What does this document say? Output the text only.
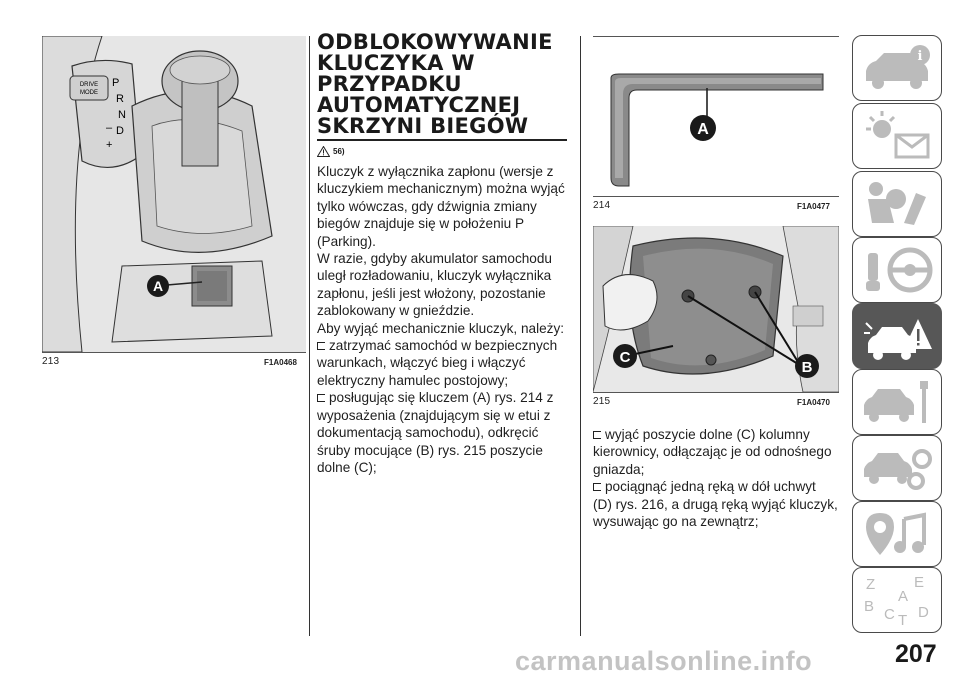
DRIVE
MODE
P
R
N
– D
+
A
213	F1A0468
ODBLOKOWYWANIE
KLUCZYKA W
PRZYPADKU
AUTOMATYCZNEJ
SKRZYNI BIEGÓW
56)

Kluczyk z wyłącznika zapłonu (wersje z kluczykiem mechanicznym) można wyjąć tylko wówczas, gdy dźwignia zmiany biegów znajduje się w położeniu P (Parking).

W razie, gdyby akumulator samochodu uległ rozładowaniu, kluczyk wyłącznika zapłonu, jeśli jest włożony, pozostanie zablokowany w gnieździe.

Aby wyjąć mechanicznie kluczyk, należy:

zatrzymać samochód w bezpiecznych warunkach, włączyć bieg i włączyć elektryczny hamulec postojowy;

posługując się kluczem (A) rys. 214 z wyposażenia (znajdującym się w etui z dokumentacją samochodu), odkręcić śruby mocujące (B) rys. 215 poszycie dolne (C);

A
214	F1A0477
B
C
215	F1A0470

wyjąć poszycie dolne (C) kolumny kierownicy, odłączając je od odnośnego gniazda;

pociągnąć jedną ręką w dół uchwyt (D) rys. 216, a drugą ręką wyjąć kluczyk, wysuwając go na zewnątrz;

i
Z	E
A
B C D
T
carmanualsonline.info	207
